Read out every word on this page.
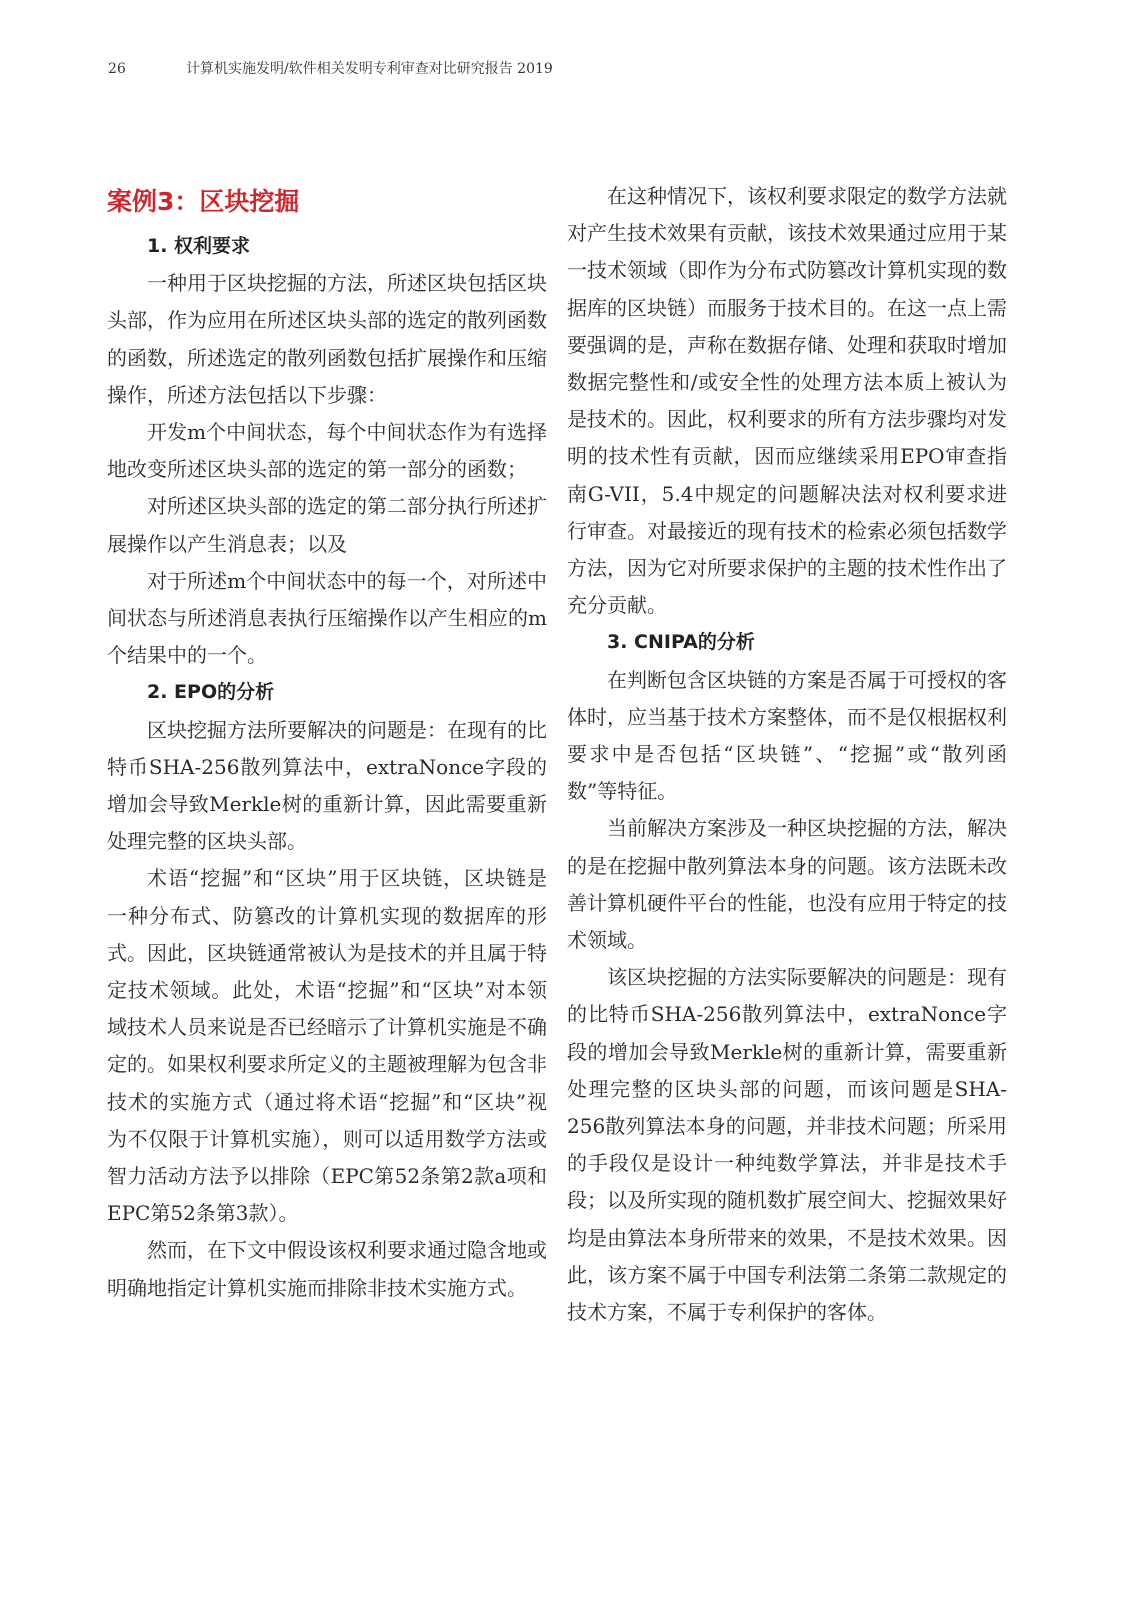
26	计算机实施发明/软件相关发明专利审查对比研究报告 2019
案例3：区块挖掘
1. 权利要求

一种用于区块挖掘的方法，所述区块包括区块头部，作为应用在所述区块头部的选定的散列函数的函数，所述选定的散列函数包括扩展操作和压缩操作，所述方法包括以下步骤：

开发m个中间状态，每个中间状态作为有选择地改变所述区块头部的选定的第一部分的函数；

对所述区块头部的选定的第二部分执行所述扩展操作以产生消息表；以及

对于所述m个中间状态中的每一个，对所述中间状态与所述消息表执行压缩操作以产生相应的m个结果中的一个。

2. EPO的分析

区块挖掘方法所要解决的问题是：在现有的比特币SHA-256散列算法中，extraNonce字段的增加会导致Merkle树的重新计算，因此需要重新处理完整的区块头部。

术语“挖掘”和“区块”用于区块链，区块链是一种分布式、防篡改的计算机实现的数据库的形式。因此，区块链通常被认为是技术的并且属于特定技术领域。此处，术语“挖掘”和“区块”对本领域技术人员来说是否已经暗示了计算机实施是不确定的。如果权利要求所定义的主题被理解为包含非技术的实施方式（通过将术语“挖掘”和“区块”视为不仅限于计算机实施），则可以适用数学方法或智力活动方法予以排除（EPC第52条第2款a项和EPC第52条第3款）。

然而，在下文中假设该权利要求通过隐含地或明确地指定计算机实施而排除非技术实施方式。

在这种情况下，该权利要求限定的数学方法就对产生技术效果有贡献，该技术效果通过应用于某一技术领域（即作为分布式防篡改计算机实现的数据库的区块链）而服务于技术目的。在这一点上需要强调的是，声称在数据存储、处理和获取时增加数据完整性和/或安全性的处理方法本质上被认为是技术的。因此，权利要求的所有方法步骤均对发明的技术性有贡献，因而应继续采用EPO审查指南G-VII，5.4中规定的问题解决法对权利要求进行审查。对最接近的现有技术的检索必须包括数学方法，因为它对所要求保护的主题的技术性作出了充分贡献。

3. CNIPA的分析

在判断包含区块链的方案是否属于可授权的客体时，应当基于技术方案整体，而不是仅根据权利要求中是否包括“区块链”、“挖掘”或“散列函数”等特征。

当前解决方案涉及一种区块挖掘的方法，解决的是在挖掘中散列算法本身的问题。该方法既未改善计算机硬件平台的性能，也没有应用于特定的技术领域。

该区块挖掘的方法实际要解决的问题是：现有的比特币SHA-256散列算法中，extraNonce字段的增加会导致Merkle树的重新计算，需要重新处理完整的区块头部的问题，而该问题是SHA-256散列算法本身的问题，并非技术问题；所采用的手段仅是设计一种纯数学算法，并非是技术手段；以及所实现的随机数扩展空间大、挖掘效果好均是由算法本身所带来的效果，不是技术效果。因此，该方案不属于中国专利法第二条第二款规定的技术方案，不属于专利保护的客体。
